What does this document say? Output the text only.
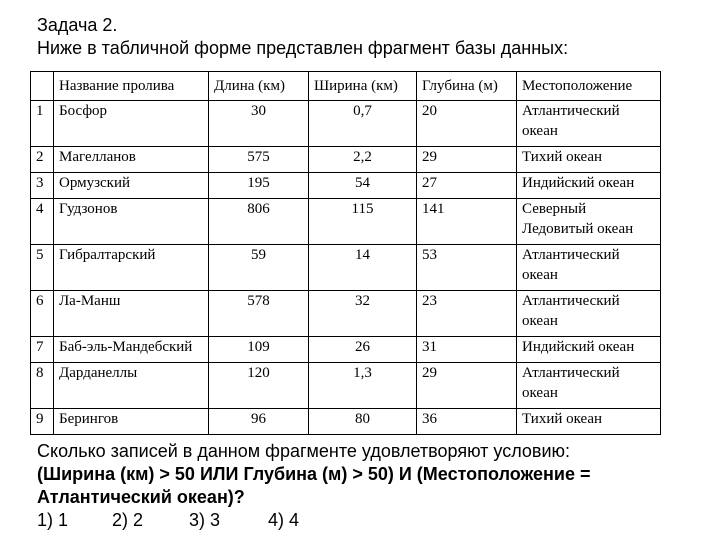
Задача 2.
Ниже в табличной форме представлен фрагмент базы данных:
	Название пролива	Длина (км)	Ширина (км)	Глубина (м)	Местоположение
1	Босфор	30	0,7	20	Атлантический океан
2	Магелланов	575	2,2	29	Тихий океан
3	Ормузский	195	54	27	Индийский океан
4	Гудзонов	806	115	141	Северный Ледовитый океан
5	Гибралтарский	59	14	53	Атлантический океан
6	Ла-Манш	578	32	23	Атлантический океан
7	Баб-эль-Мандебский	109	26	31	Индийский океан
8	Дарданеллы	120	1,3	29	Атлантический океан
9	Берингов	96	80	36	Тихий океан
Сколько записей в данном фрагменте удовлетворяют условию:
(Ширина (км) > 50 ИЛИ Глубина (м) > 50) И (Местоположение =
Атлантический океан)?
1) 1 2) 2	3) 3	4) 4
